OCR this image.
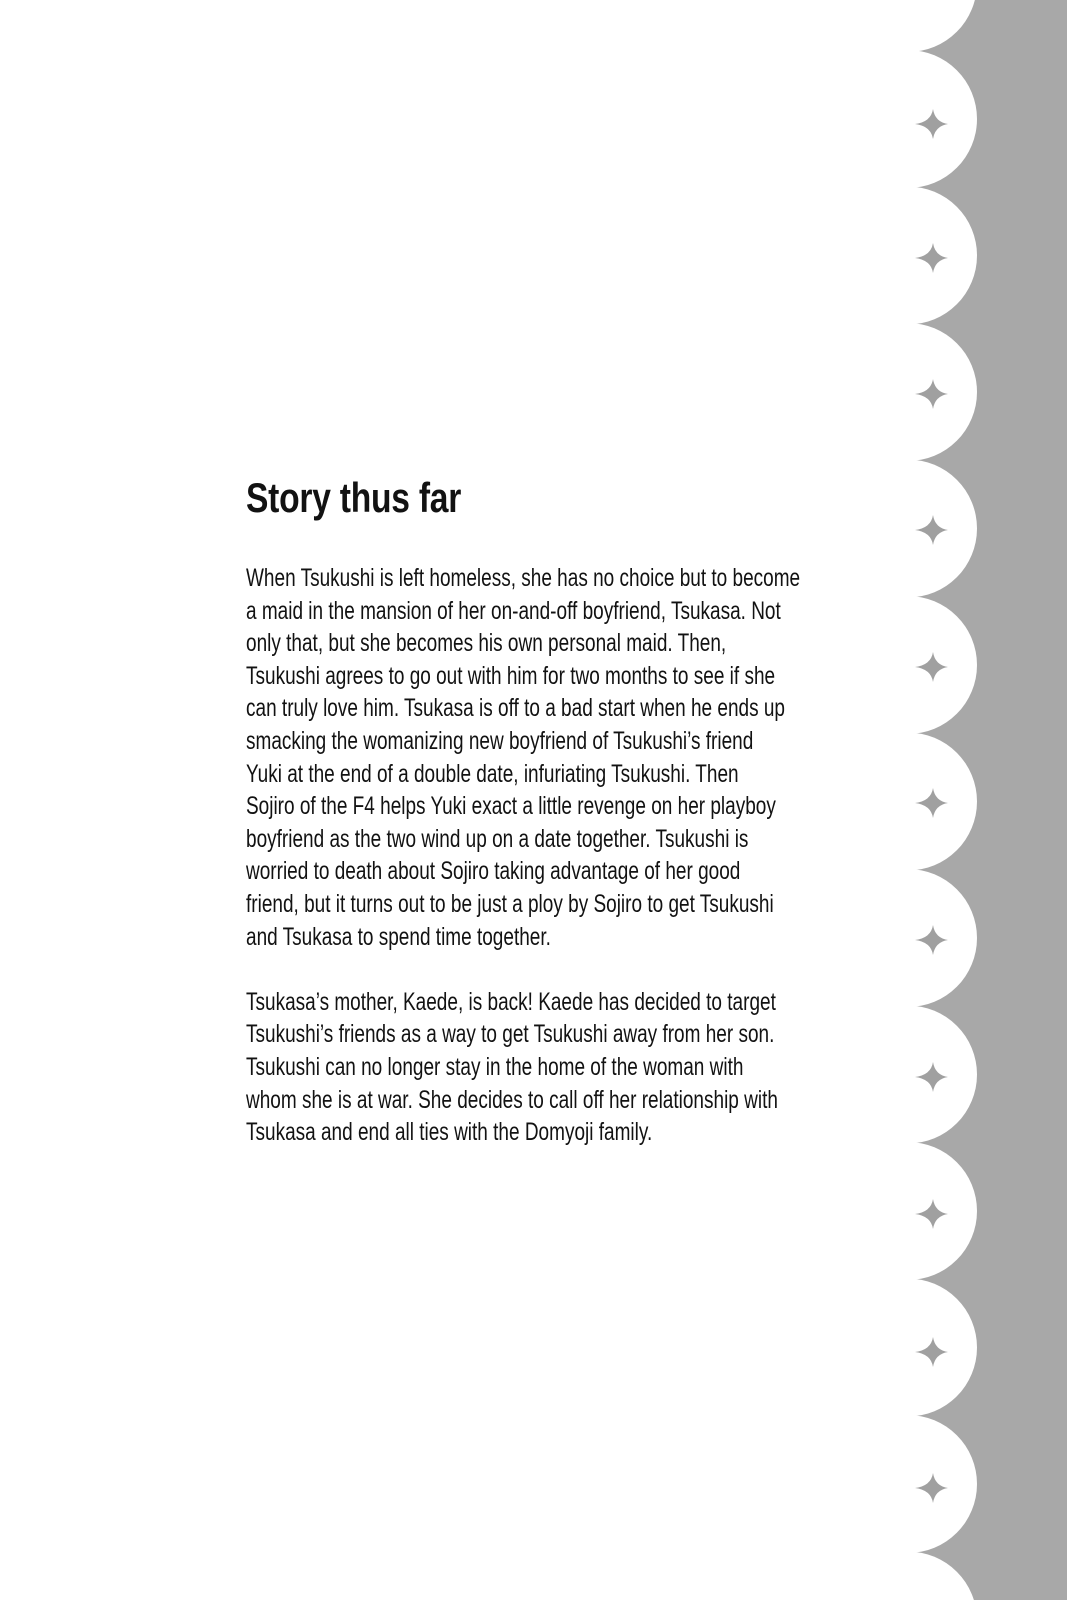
Story thus far

When Tsukushi is left homeless, she has no choice but to become
a maid in the mansion of her on-and-off boyfriend, Tsukasa. Not
only that, but she becomes his own personal maid. Then,
Tsukushi agrees to go out with him for two months to see if she
can truly love him. Tsukasa is off to a bad start when he ends up
smacking the womanizing new boyfriend of Tsukushi’s friend
Yuki at the end of a double date, infuriating Tsukushi. Then
Sojiro of the F4 helps Yuki exact a little revenge on her playboy
boyfriend as the two wind up on a date together. Tsukushi is
worried to death about Sojiro taking advantage of her good
friend, but it turns out to be just a ploy by Sojiro to get Tsukushi
and Tsukasa to spend time together.

Tsukasa’s mother, Kaede, is back! Kaede has decided to target
Tsukushi’s friends as a way to get Tsukushi away from her son.
Tsukushi can no longer stay in the home of the woman with
whom she is at war. She decides to call off her relationship with
Tsukasa and end all ties with the Domyoji family.
